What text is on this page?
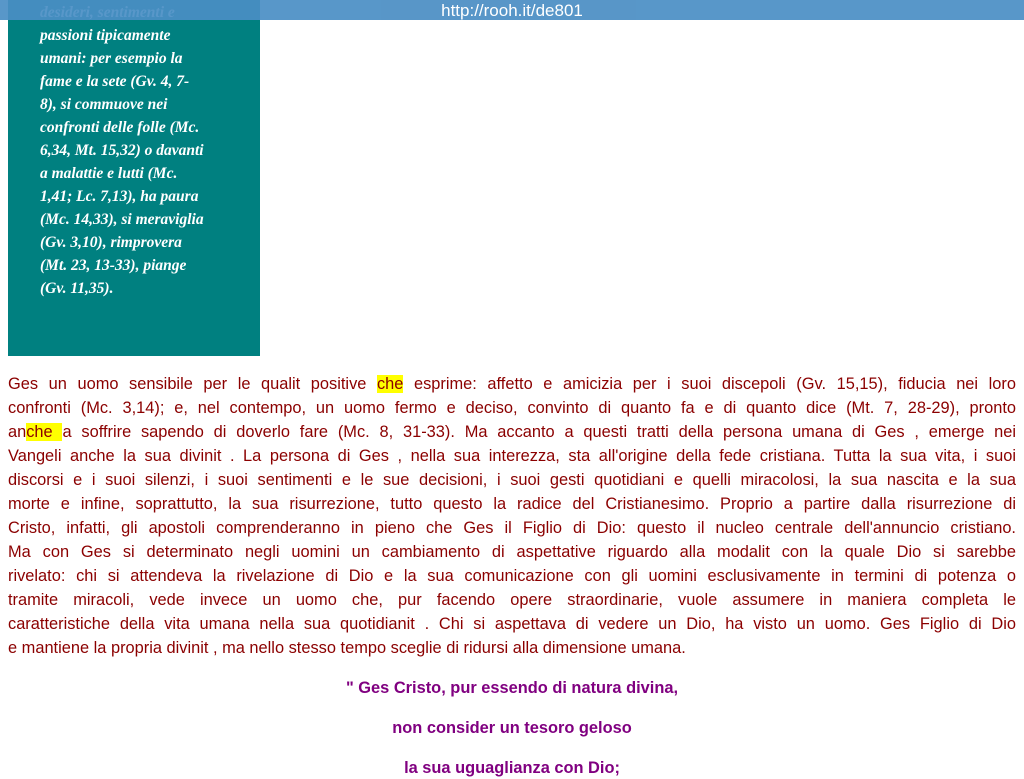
http://rooh.it/de801
passioni tipicamente
umani: per esempio la
fame e la sete (Gv. 4, 7-
8), si commuove nei
confronti delle folle (Mc.
6,34, Mt. 15,32) o davanti
a malattie e lutti (Mc.
1,41; Lc. 7,13), ha paura
(Mc. 14,33), si meraviglia
(Gv. 3,10), rimprovera
(Mt. 23, 13-33), piange
(Gv. 11,35).
Ges un uomo sensibile per le qualit positive che esprime: affetto e amicizia per i suoi discepoli (Gv. 15,15), fiducia nei loro
confronti (Mc. 3,14); e, nel contempo, un uomo fermo e deciso, convinto di quanto fa e di quanto dice (Mt. 7, 28-29), pronto
anche a soffrire sapendo di doverlo fare (Mc. 8, 31-33). Ma accanto a questi tratti della persona umana di Ges , emerge nei
Vangeli anche la sua divinit . La persona di Ges , nella sua interezza, sta all'origine della fede cristiana. Tutta la sua vita, i suoi
discorsi e i suoi silenzi, i suoi sentimenti e le sue decisioni, i suoi gesti quotidiani e quelli miracolosi, la sua nascita e la sua
morte e infine, soprattutto, la sua risurrezione, tutto questo la radice del Cristianesimo. Proprio a partire dalla risurrezione di
Cristo, infatti, gli apostoli comprenderanno in pieno che Ges il Figlio di Dio: questo il nucleo centrale dell'annuncio cristiano.
Ma con Ges si determinato negli uomini un cambiamento di aspettative riguardo alla modalit con la quale Dio si sarebbe
rivelato: chi si attendeva la rivelazione di Dio e la sua comunicazione con gli uomini esclusivamente in termini di potenza o
tramite miracoli, vede invece un uomo che, pur facendo opere straordinarie, vuole assumere in maniera completa le
caratteristiche della vita umana nella sua quotidianit . Chi si aspettava di vedere un Dio, ha visto un uomo. Ges Figlio di Dio
e mantiene la propria divinit , ma nello stesso tempo sceglie di ridursi alla dimensione umana.
" Ges Cristo, pur essendo di natura divina,
non consider un tesoro geloso
la sua uguaglianza con Dio;
